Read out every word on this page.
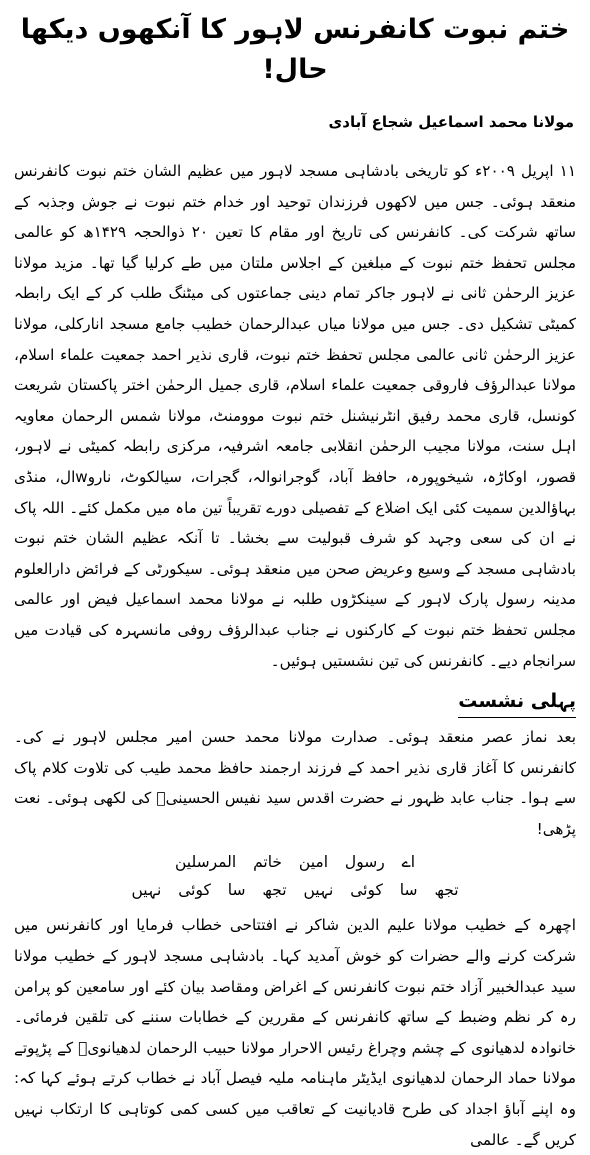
ختم نبوت کانفرنس لاہور کا آنکھوں دیکھا حال!
مولانا محمد اسماعیل شجاع آبادی

۱۱ اپریل ۲۰۰۹ء کو تاریخی بادشاہی مسجد لاہور میں عظیم الشان ختم نبوت کانفرنس منعقد ہوئی۔ جس میں لاکھوں فرزندان توحید اور خدام ختم نبوت نے جوش وجذبہ کے ساتھ شرکت کی۔ کانفرنس کی تاریخ اور مقام کا تعین ۲۰ ذوالحجہ ۱۴۲۹ھ کو عالمی مجلس تحفظ ختم نبوت کے مبلغین کے اجلاس ملتان میں طے کرلیا گیا تھا۔ مزید مولانا عزیز الرحمٰن ثانی نے لاہور جاکر تمام دینی جماعتوں کی میٹنگ طلب کر کے ایک رابطہ کمیٹی تشکیل دی۔ جس میں مولانا میاں عبدالرحمان خطیب جامع مسجد انارکلی، مولانا عزیز الرحمٰن ثانی عالمی مجلس تحفظ ختم نبوت، قاری نذیر احمد جمعیت علماء اسلام، مولانا عبدالرؤف فاروقی جمعیت علماء اسلام، قاری جمیل الرحمٰن اختر پاکستان شریعت کونسل، قاری محمد رفیق انٹرنیشنل ختم نبوت موومنٹ، مولانا شمس الرحمان معاویہ اہل سنت، مولانا مجیب الرحمٰن انقلابی جامعہ اشرفیہ، مرکزی رابطہ کمیٹی نے لاہور، قصور، اوکاڑہ، شیخوپورہ، حافظ آباد، گوجرانوالہ، گجرات، سیالکوٹ، ناروwال، منڈی بہاؤالدین سمیت کئی ایک اضلاع کے تفصیلی دورے تقریباً تین ماہ میں مکمل کئے۔ اللہ پاک نے ان کی سعی وجہد کو شرف قبولیت سے بخشا۔ تا آنکہ عظیم الشان ختم نبوت بادشاہی مسجد کے وسیع وعریض صحن میں منعقد ہوئی۔ سیکورٹی کے فرائض دارالعلوم مدینہ رسول پارک لاہور کے سینکڑوں طلبہ نے مولانا محمد اسماعیل فیض اور عالمی مجلس تحفظ ختم نبوت کے کارکنوں نے جناب عبدالرؤف روفی مانسہرہ کی قیادت میں سرانجام دیے۔ کانفرنس کی تین نشستیں ہوئیں۔

پہلی نشست

بعد نماز عصر منعقد ہوئی۔ صدارت مولانا محمد حسن امیر مجلس لاہور نے کی۔ کانفرنس کا آغاز قاری نذیر احمد کے فرزند ارجمند حافظ محمد طیب کی تلاوت کلام پاک سے ہوا۔ جناب عابد ظہور نے حضرت اقدس سید نفیس الحسینیؒ کی لکھی ہوئی۔ نعت پڑھی!

اے رسول امین خاتم المرسلین
تجھ سا کوئی نہیں تجھ سا کوئی نہیں

اچھرہ کے خطیب مولانا علیم الدین شاکر نے افتتاحی خطاب فرمایا اور کانفرنس میں شرکت کرنے والے حضرات کو خوش آمدید کہا۔ بادشاہی مسجد لاہور کے خطیب مولانا سید عبدالخبیر آزاد ختم نبوت کانفرنس کے اغراض ومقاصد بیان کئے اور سامعین کو پرامن رہ کر نظم وضبط کے ساتھ کانفرنس کے مقررین کے خطابات سننے کی تلقین فرمائی۔ خانوادہ لدھیانوی کے چشم وچراغ رئیس الاحرار مولانا حبیب الرحمان لدھیانویؒ کے پڑپوتے مولانا حماد الرحمان لدھیانوی ایڈیٹر ماہنامہ ملیہ فیصل آباد نے خطاب کرتے ہوئے کہا کہ: وہ اپنے آباؤ اجداد کی طرح قادیانیت کے تعاقب میں کسی کمی کوتاہی کا ارتکاب نہیں کریں گے۔ عالمی
